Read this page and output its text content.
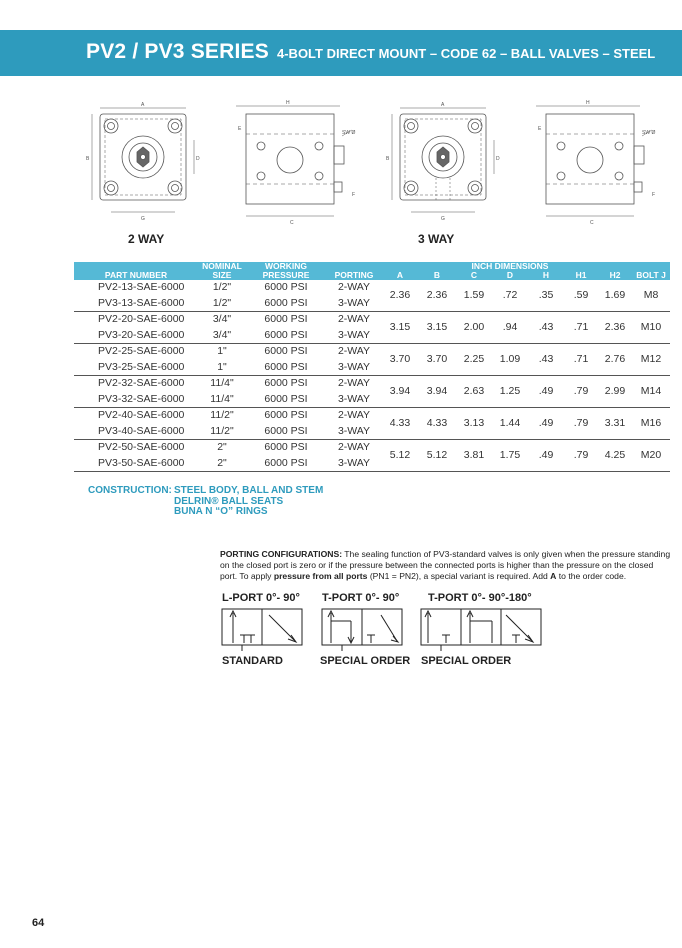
PV2 / PV3 SERIES 4-BOLT DIRECT MOUNT – CODE 62 – BALL VALVES – STEEL
A
B	D
G
H
SW Ø
E
F
C
A
B	D
G
H
SW Ø
E
F
C
2 WAY	3 WAY
	NOMINAL	WORKING				INCH DIMENSIONS					
PART NUMBER	SIZE	PRESSURE	PORTING	A	B	C	D	H	H1	H2	BOLT J
PV2-13-SAE-6000	1/2"	6000 PSI	2-WAY	2.36	2.36	1.59	.72	.35	.59	1.69	M8
PV3-13-SAE-6000	1/2"	6000 PSI	3-WAY								
PV2-20-SAE-6000	3/4"	6000 PSI	2-WAY	3.15	3.15	2.00	.94	.43	.71	2.36	M10
PV3-20-SAE-6000	3/4"	6000 PSI	3-WAY								
PV2-25-SAE-6000	1"	6000 PSI	2-WAY	3.70	3.70	2.25	1.09	.43	.71	2.76	M12
PV3-25-SAE-6000	1"	6000 PSI	3-WAY								
PV2-32-SAE-6000	11/4"	6000 PSI	2-WAY	3.94	3.94	2.63	1.25	.49	.79	2.99	M14
PV3-32-SAE-6000	11/4"	6000 PSI	3-WAY								
PV2-40-SAE-6000	11/2"	6000 PSI	2-WAY	4.33	4.33	3.13	1.44	.49	.79	3.31	M16
PV3-40-SAE-6000	11/2"	6000 PSI	3-WAY								
PV2-50-SAE-6000	2"	6000 PSI	2-WAY	5.12	5.12	3.81	1.75	.49	.79	4.25	M20
PV3-50-SAE-6000	2"	6000 PSI	3-WAY								
CONSTRUCTION: STEEL BODY, BALL AND STEM
DELRIN® BALL SEATS
BUNA N “O” RINGS
PORTING CONFIGURATIONS: The sealing function of PV3-standard valves is only given when the pressure standing on the closed port is zero or if the pressure between the connected ports is higher than the pressure on the closed port. To apply pressure from all ports (PN1 = PN2), a special variant is required. Add A to the order code.
L-PORT 0°- 90° T-PORT 0°- 90°	T-PORT 0°- 90°-180°
STANDARD	SPECIAL ORDER SPECIAL ORDER
64
